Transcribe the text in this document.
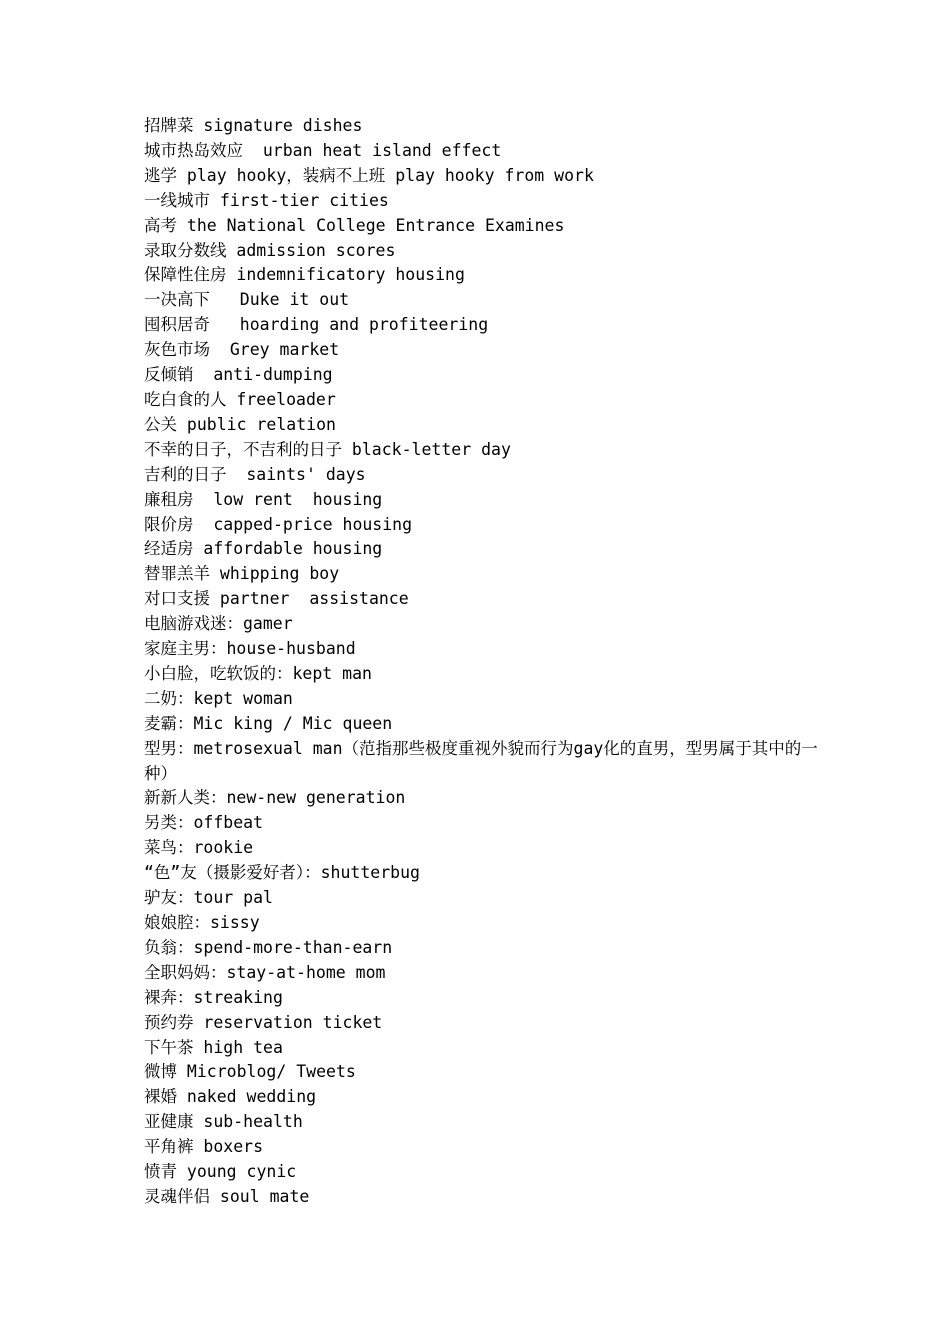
招牌菜 signature dishes
城市热岛效应  urban heat island effect
逃学 play hooky，装病不上班 play hooky from work
一线城市 first-tier cities
高考 the National College Entrance Examines
录取分数线 admission scores
保障性住房 indemnificatory housing
一决高下   Duke it out
囤积居奇   hoarding and profiteering
灰色市场  Grey market
反倾销  anti-dumping
吃白食的人 freeloader
公关 public relation
不幸的日子，不吉利的日子 black-letter day
吉利的日子  saints' days
廉租房  low rent  housing
限价房  capped-price housing
经适房 affordable housing
替罪羔羊 whipping boy
对口支援 partner  assistance
电脑游戏迷：gamer
家庭主男：house-husband
小白脸，吃软饭的：kept man
二奶：kept woman
麦霸：Mic king / Mic queen
型男：metrosexual man（范指那些极度重视外貌而行为gay化的直男，型男属于其中的一种）
新新人类：new-new generation
另类：offbeat
菜鸟：rookie
“色”友（摄影爱好者）：shutterbug
驴友：tour pal
娘娘腔：sissy
负翁：spend-more-than-earn
全职妈妈：stay-at-home mom
裸奔：streaking
预约券 reservation ticket
下午茶 high tea
微博 Microblog/ Tweets
裸婚 naked wedding
亚健康 sub-health
平角裤 boxers
愤青 young cynic
灵魂伴侣 soul mate
